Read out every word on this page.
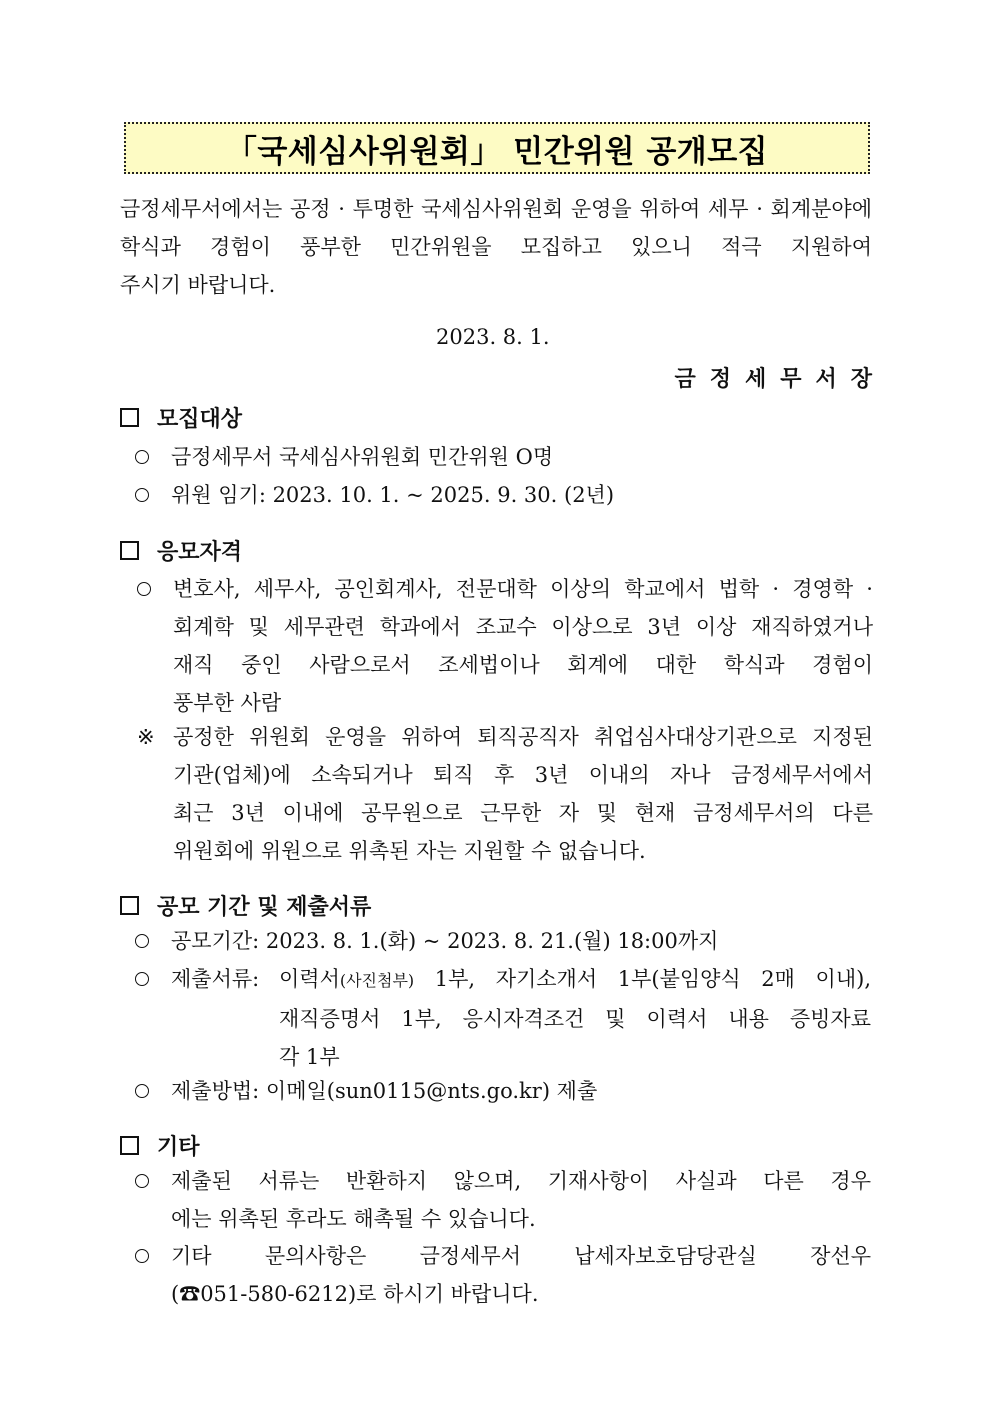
「국세심사위원회」 민간위원 공개모집
금정세무서에서는 공정 · 투명한 국세심사위원회 운영을 위하여 세무 · 회계분야에
학식과 경험이 풍부한 민간위원을 모집하고 있으니 적극 지원하여
주시기 바랍니다.
2023. 8. 1.
금정세무서장
모집대상
금정세무서 국세심사위원회 민간위원 O명
위원 임기: 2023. 10. 1. ~ 2025. 9. 30. (2년)
응모자격
변호사, 세무사, 공인회계사, 전문대학 이상의 학교에서 법학 · 경영학 ·
회계학 및 세무관련 학과에서 조교수 이상으로 3년 이상 재직하였거나
재직 중인 사람으로서 조세법이나 회계에 대한 학식과 경험이
풍부한 사람
※ 공정한 위원회 운영을 위하여 퇴직공직자 취업심사대상기관으로 지정된
기관(업체)에 소속되거나 퇴직 후 3년 이내의 자나 금정세무서에서
최근 3년 이내에 공무원으로 근무한 자 및 현재 금정세무서의 다른
위원회에 위원으로 위촉된 자는 지원할 수 없습니다.
공모 기간 및 제출서류
공모기간:
2023. 8. 1.(화) ~ 2023. 8. 21.(월) 18:00까지
제출서류: 이력서(사진첨부) 1부, 자기소개서 1부(붙임양식 2매 이내),
재직증명서 1부, 응시자격조건 및 이력서 내용 증빙자료
각 1부
제출방법:
이메일(sun0115@nts.go.kr) 제출
기타
제출된 서류는 반환하지 않으며, 기재사항이 사실과 다른 경우
에는 위촉된 후라도 해촉될 수 있습니다.
기타 문의사항은 금정세무서 납세자보호담당관실 장선우
(☎051-580-6212)로 하시기 바랍니다.
